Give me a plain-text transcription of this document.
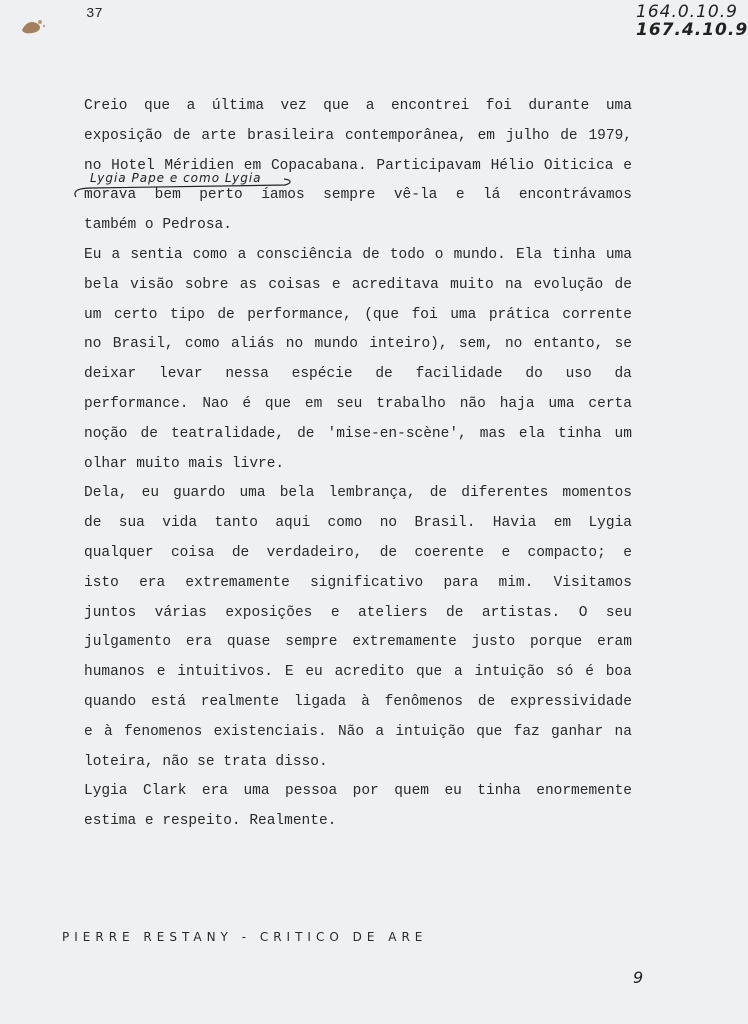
37	164.0.10.9
167.4.10.9
Creio que a última vez que a encontrei foi durante uma
exposição de arte brasileira contemporânea, em julho de 1979,
no Hotel Méridien em Copacabana. Participavam Hélio Oiticica e
morava bem perto íamos sempre vê-la e lá encontrávamos
também o Pedrosa.
Eu a sentia como a consciência de todo o mundo. Ela tinha uma
bela visão sobre as coisas e acreditava muito na evolução de
um certo tipo de performance, (que foi uma prática corrente
no Brasil, como aliás no mundo inteiro), sem, no entanto, se
deixar levar nessa espécie de facilidade do uso da
performance. Nao é que em seu trabalho não haja uma certa
noção de teatralidade, de 'mise-en-scène', mas ela tinha um
olhar muito mais livre.
Dela, eu guardo uma bela lembrança, de diferentes momentos
de sua vida tanto aqui como no Brasil. Havia em Lygia
qualquer coisa de verdadeiro, de coerente e compacto; e
isto era extremamente significativo para mim. Visitamos
juntos várias exposições e ateliers de artistas. O seu
julgamento era quase sempre extremamente justo porque eram
humanos e intuitivos. E eu acredito que a intuição só é boa
quando está realmente ligada à fenômenos de expressividade
e à fenomenos existenciais. Não a intuição que faz ganhar na
loteira, não se trata disso.
Lygia Clark era uma pessoa por quem eu tinha enormemente
estima e respeito. Realmente.
Lygia Pape e como Lygia
PIERRE RESTANY - CRITICO DE ARE
9
